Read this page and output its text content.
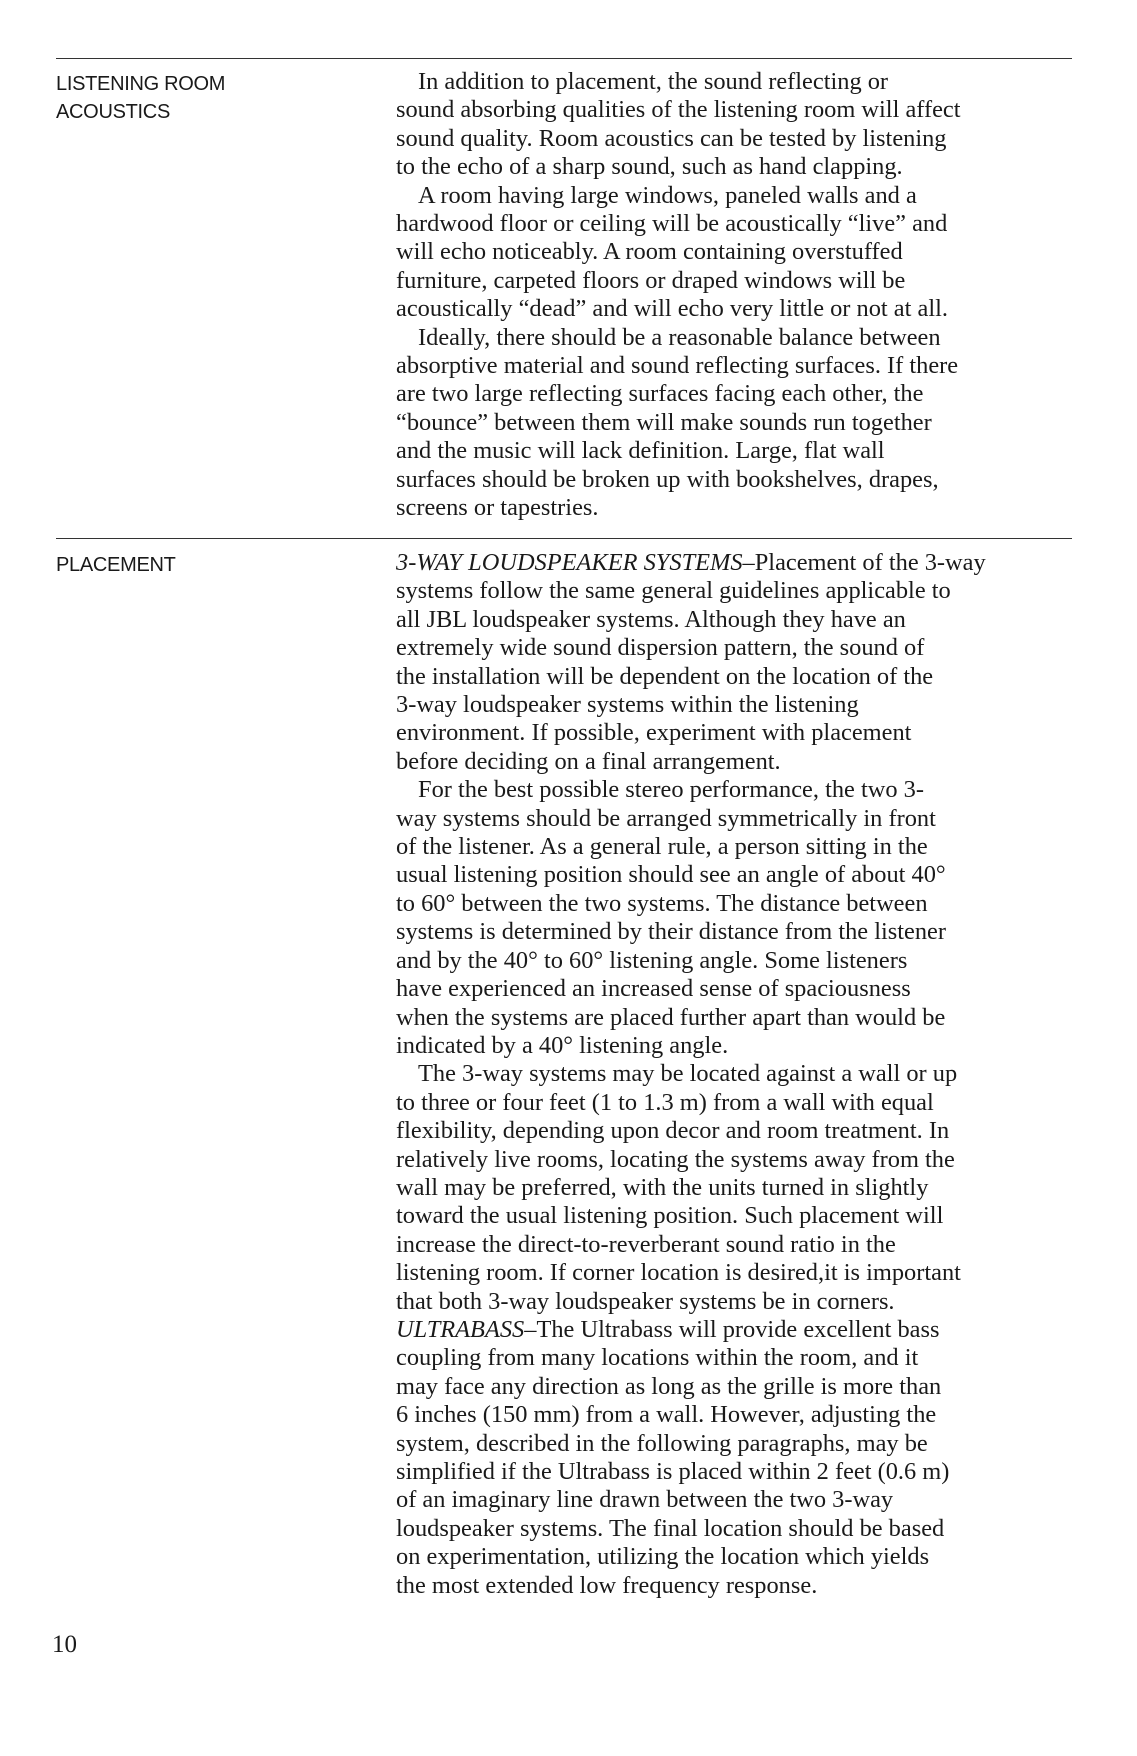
LISTENING ROOM
ACOUSTICS
In addition to placement, the sound reflecting or
sound absorbing qualities of the listening room will affect
sound quality. Room acoustics can be tested by listening
to the echo of a sharp sound, such as hand clapping.
A room having large windows, paneled walls and a
hardwood floor or ceiling will be acoustically “live” and
will echo noticeably. A room containing overstuffed
furniture, carpeted floors or draped windows will be
acoustically “dead” and will echo very little or not at all.
Ideally, there should be a reasonable balance between
absorptive material and sound reflecting surfaces. If there
are two large reflecting surfaces facing each other, the
“bounce” between them will make sounds run together
and the music will lack definition. Large, flat wall
surfaces should be broken up with bookshelves, drapes,
screens or tapestries.
PLACEMENT	3-WAY LOUDSPEAKER SYSTEMS–Placement of the 3-way
systems follow the same general guidelines applicable to
all JBL loudspeaker systems. Although they have an
extremely wide sound dispersion pattern, the sound of
the installation will be dependent on the location of the
3-way loudspeaker systems within the listening
environment. If possible, experiment with placement
before deciding on a final arrangement.
For the best possible stereo performance, the two 3-
way systems should be arranged symmetrically in front
of the listener. As a general rule, a person sitting in the
usual listening position should see an angle of about 40°
to 60° between the two systems. The distance between
systems is determined by their distance from the listener
and by the 40° to 60° listening angle. Some listeners
have experienced an increased sense of spaciousness
when the systems are placed further apart than would be
indicated by a 40° listening angle.
The 3-way systems may be located against a wall or up
to three or four feet (1 to 1.3 m) from a wall with equal
flexibility, depending upon decor and room treatment. In
relatively live rooms, locating the systems away from the
wall may be preferred, with the units turned in slightly
toward the usual listening position. Such placement will
increase the direct-to-reverberant sound ratio in the
listening room. If corner location is desired,it is important
that both 3-way loudspeaker systems be in corners.
ULTRABASS–The Ultrabass will provide excellent bass
coupling from many locations within the room, and it
may face any direction as long as the grille is more than
6 inches (150 mm) from a wall. However, adjusting the
system, described in the following paragraphs, may be
simplified if the Ultrabass is placed within 2 feet (0.6 m)
of an imaginary line drawn between the two 3-way
loudspeaker systems. The final location should be based
on experimentation, utilizing the location which yields
the most extended low frequency response.
10
